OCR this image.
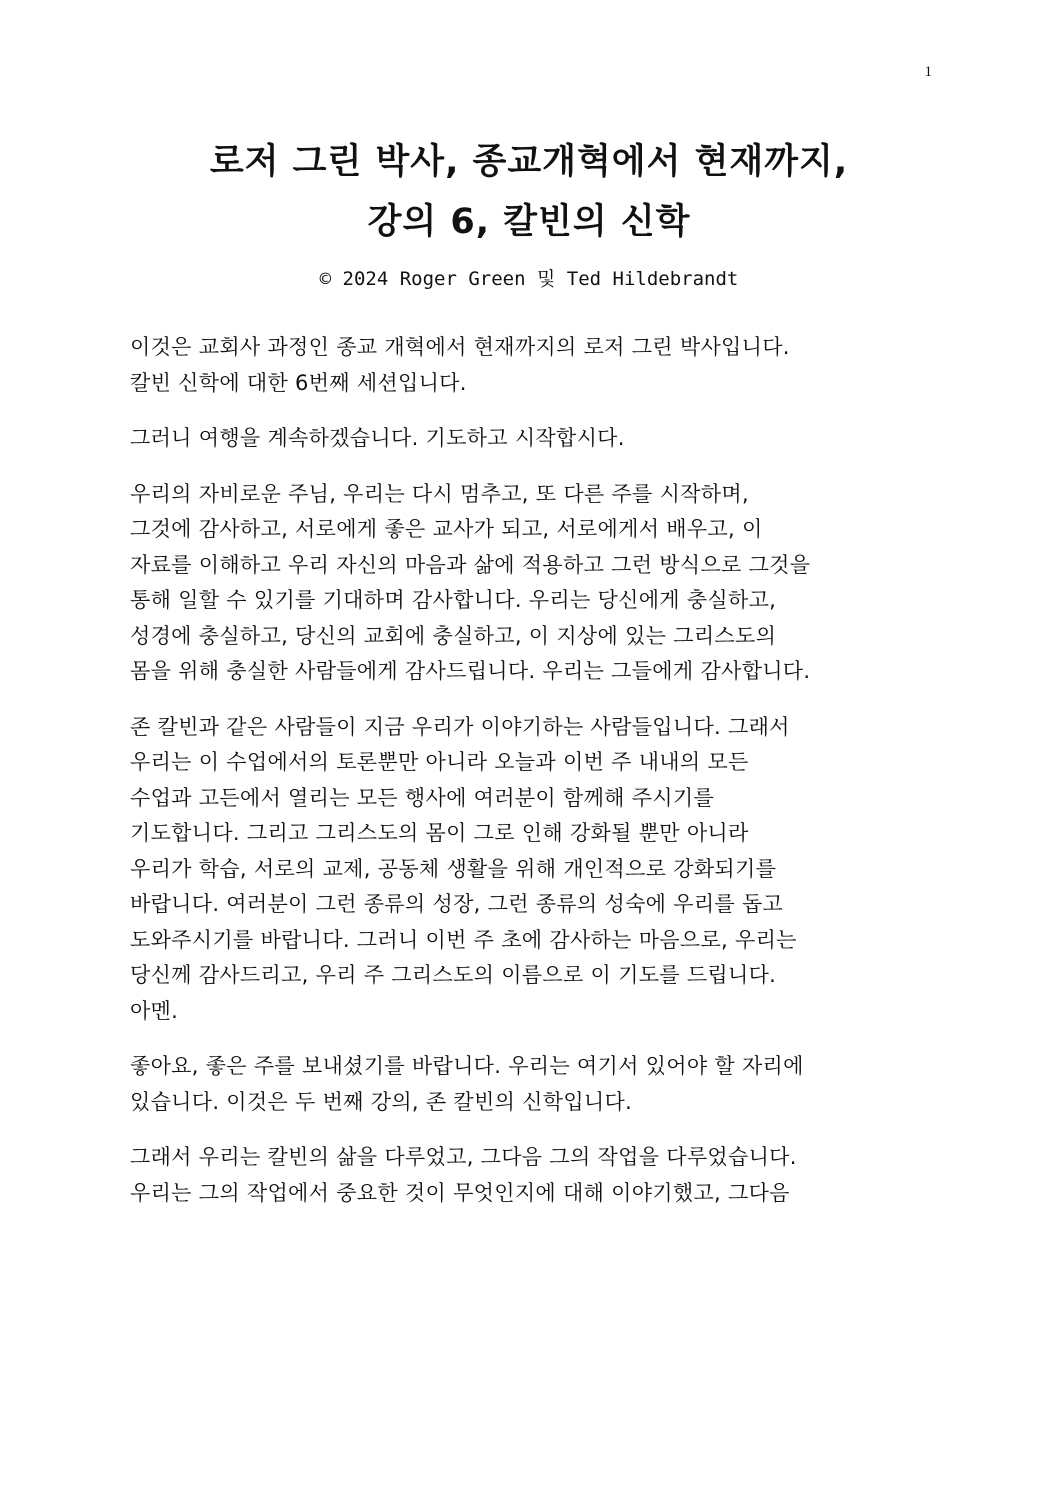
1
로저 그린 박사, 종교개혁에서 현재까지,
강의 6, 칼빈의 신학
© 2024 Roger Green 및 Ted Hildebrandt

이것은 교회사 과정인 종교 개혁에서 현재까지의 로저 그린 박사입니다.
칼빈 신학에 대한 6번째 세션입니다.

그러니 여행을 계속하겠습니다. 기도하고 시작합시다.

우리의 자비로운 주님, 우리는 다시 멈추고, 또 다른 주를 시작하며,
그것에 감사하고, 서로에게 좋은 교사가 되고, 서로에게서 배우고, 이
자료를 이해하고 우리 자신의 마음과 삶에 적용하고 그런 방식으로 그것을
통해 일할 수 있기를 기대하며 감사합니다. 우리는 당신에게 충실하고,
성경에 충실하고, 당신의 교회에 충실하고, 이 지상에 있는 그리스도의
몸을 위해 충실한 사람들에게 감사드립니다. 우리는 그들에게 감사합니다.

존 칼빈과 같은 사람들이 지금 우리가 이야기하는 사람들입니다. 그래서
우리는 이 수업에서의 토론뿐만 아니라 오늘과 이번 주 내내의 모든
수업과 고든에서 열리는 모든 행사에 여러분이 함께해 주시기를
기도합니다. 그리고 그리스도의 몸이 그로 인해 강화될 뿐만 아니라
우리가 학습, 서로의 교제, 공동체 생활을 위해 개인적으로 강화되기를
바랍니다. 여러분이 그런 종류의 성장, 그런 종류의 성숙에 우리를 돕고
도와주시기를 바랍니다. 그러니 이번 주 초에 감사하는 마음으로, 우리는
당신께 감사드리고, 우리 주 그리스도의 이름으로 이 기도를 드립니다.
아멘.

좋아요, 좋은 주를 보내셨기를 바랍니다. 우리는 여기서 있어야 할 자리에
있습니다. 이것은 두 번째 강의, 존 칼빈의 신학입니다.

그래서 우리는 칼빈의 삶을 다루었고, 그다음 그의 작업을 다루었습니다.
우리는 그의 작업에서 중요한 것이 무엇인지에 대해 이야기했고, 그다음
